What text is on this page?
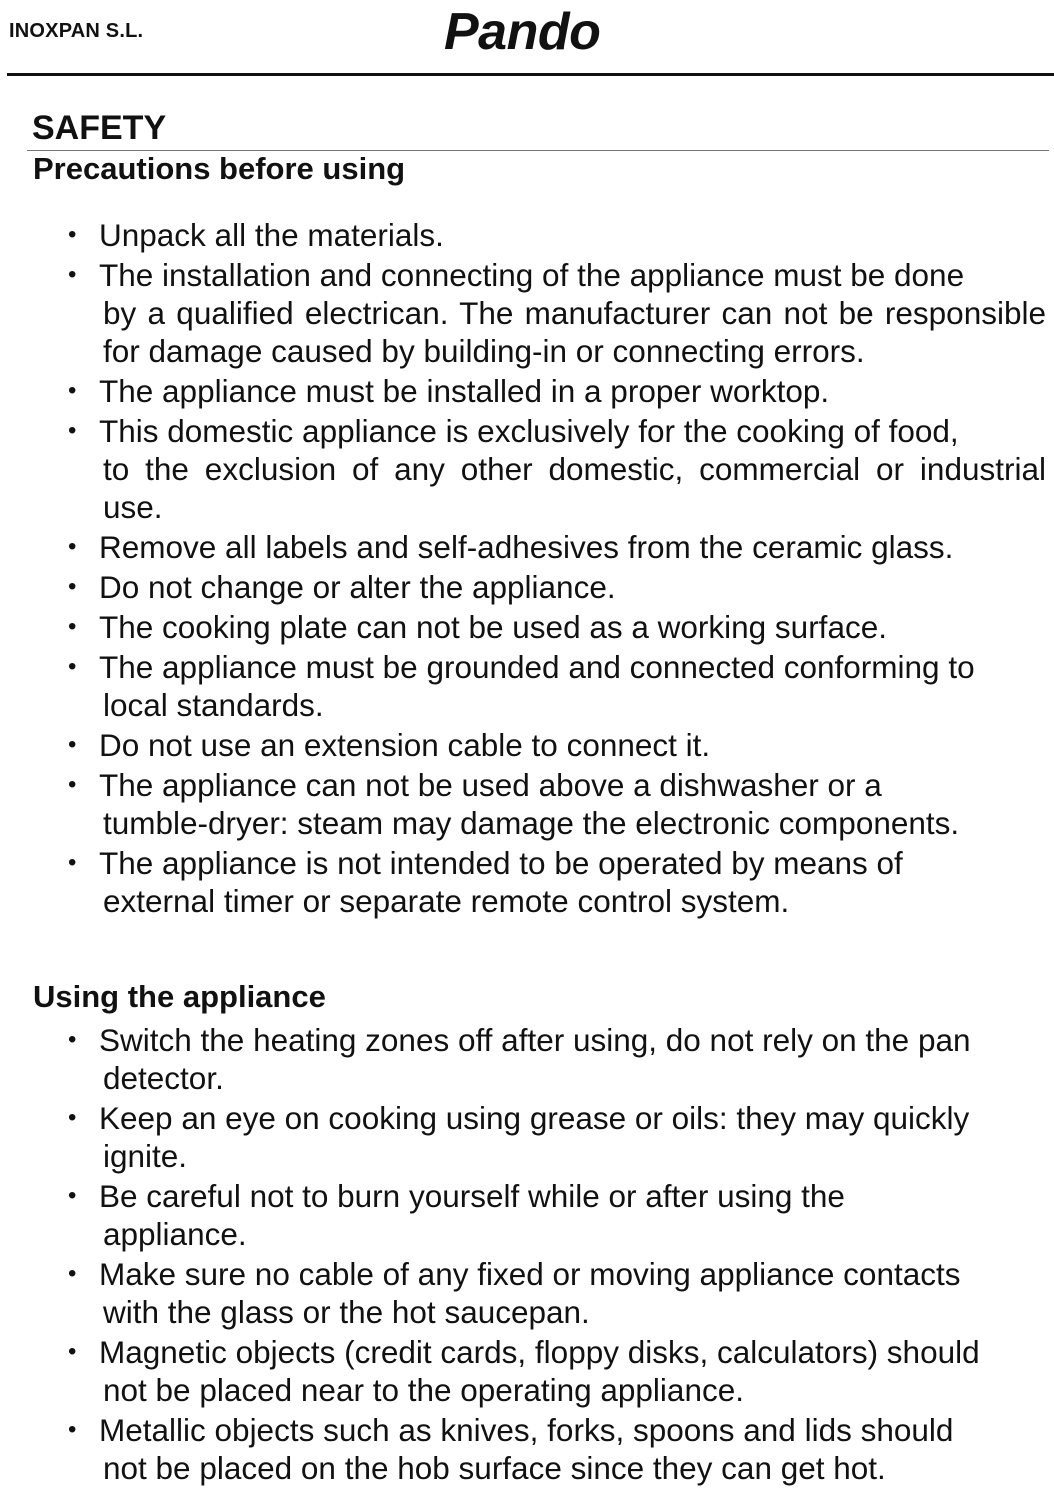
INOXPAN S.L.	Pando
SAFETY
Precautions before using
• Unpack all the materials.
• The installation and connecting of the appliance must be done
by a qualified electrican. The manufacturer can not be responsible for damage caused by building-in or connecting errors.
• The appliance must be installed in a proper worktop.
• This domestic appliance is exclusively for the cooking of food,
to the exclusion of any other domestic, commercial or industrial use.
• Remove all labels and self-adhesives from the ceramic glass.
• Do not change or alter the appliance.
• The cooking plate can not be used as a working surface.
• The appliance must be grounded and connected conforming to
local standards.
• Do not use an extension cable to connect it.
• The appliance can not be used above a dishwasher or a
tumble-dryer: steam may damage the electronic components.
• The appliance is not intended to be operated by means of
external timer or separate remote control system.
Using the appliance
• Switch the heating zones off after using, do not rely on the pan
detector.
• Keep an eye on cooking using grease or oils: they may quickly
ignite.
• Be careful not to burn yourself while or after using the
appliance.
• Make sure no cable of any fixed or moving appliance contacts
with the glass or the hot saucepan.
• Magnetic objects (credit cards, floppy disks, calculators) should
not be placed near to the operating appliance.
• Metallic objects such as knives, forks, spoons and lids should
not be placed on the hob surface since they can get hot.
